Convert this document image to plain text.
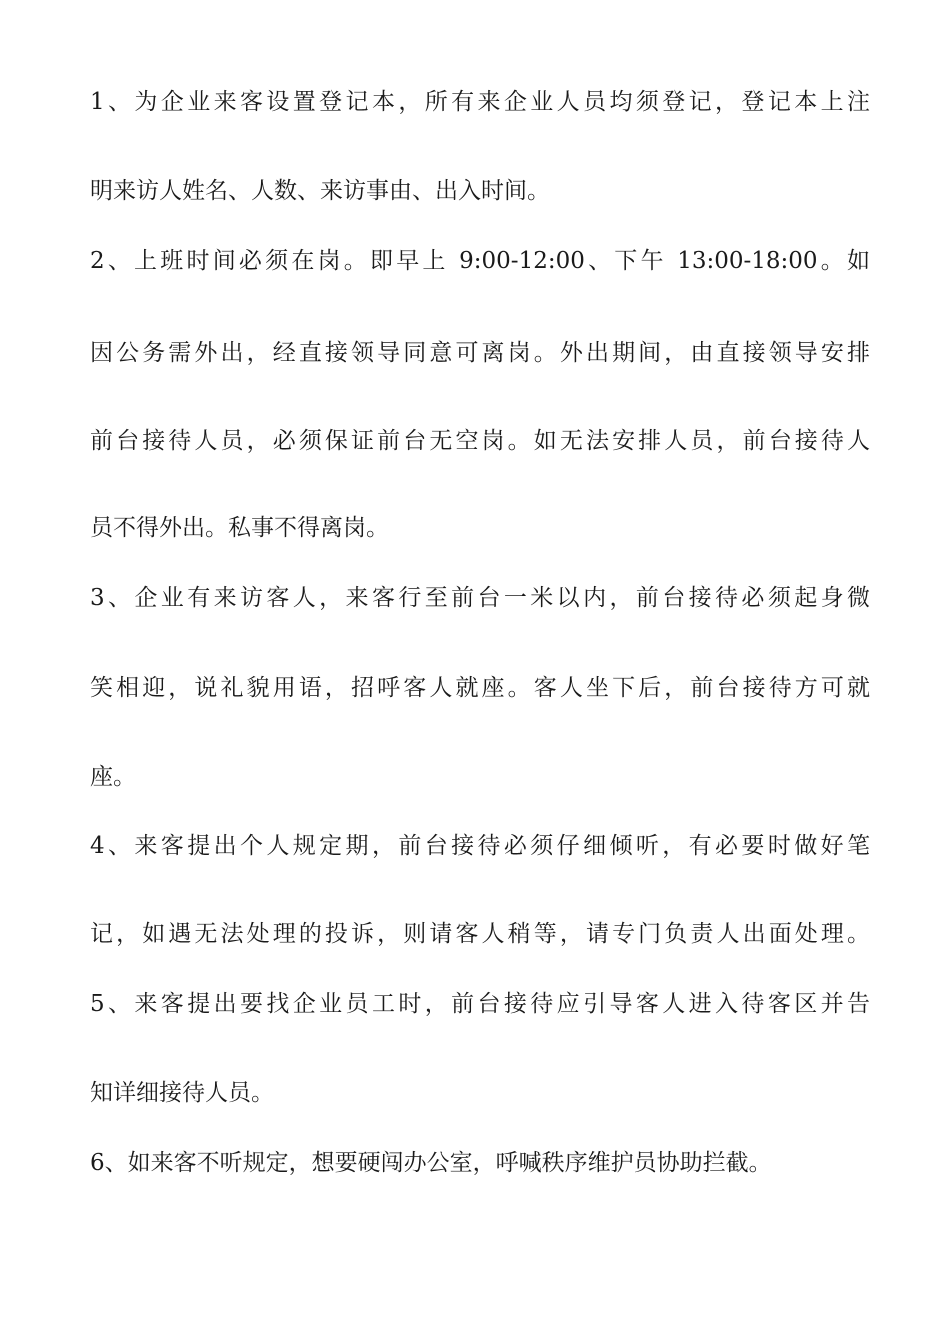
1、为企业来客设置登记本，所有来企业人员均须登记，登记本上注
明来访人姓名、人数、来访事由、出入时间。
2、上班时间必须在岗。即早上 9:00-12:00、下午 13:00-18:00。如
因公务需外出，经直接领导同意可离岗。外出期间，由直接领导安排
前台接待人员，必须保证前台无空岗。如无法安排人员，前台接待人
员不得外出。私事不得离岗。
3、企业有来访客人，来客行至前台一米以内，前台接待必须起身微
笑相迎，说礼貌用语，招呼客人就座。客人坐下后，前台接待方可就
座。
4、来客提出个人规定期，前台接待必须仔细倾听，有必要时做好笔
记，如遇无法处理的投诉，则请客人稍等，请专门负责人出面处理。
5、来客提出要找企业员工时，前台接待应引导客人进入待客区并告
知详细接待人员。
6、如来客不听规定，想要硬闯办公室，呼喊秩序维护员协助拦截。
